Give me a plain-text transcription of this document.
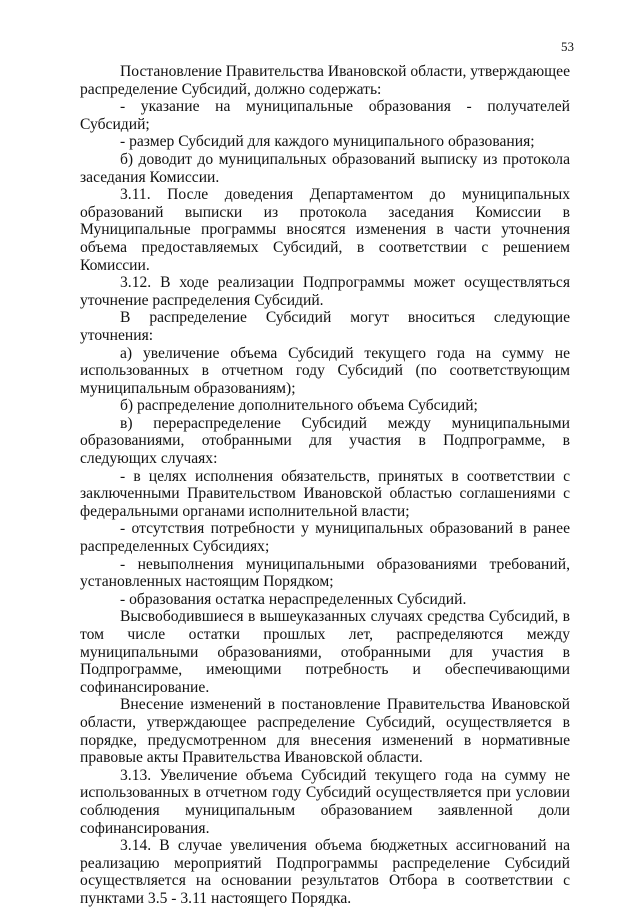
53

Постановление Правительства Ивановской области, утверждающее распределение Субсидий, должно содержать:

- указание на муниципальные образования - получателей Субсидий;

- размер Субсидий для каждого муниципального образования;

б) доводит до муниципальных образований выписку из протокола заседания Комиссии.

3.11. После доведения Департаментом до муниципальных образований выписки из протокола заседания Комиссии в Муниципальные программы вносятся изменения в части уточнения объема предоставляемых Субсидий, в соответствии с решением Комиссии.

3.12. В ходе реализации Подпрограммы может осуществляться уточнение распределения Субсидий.

В распределение Субсидий могут вноситься следующие уточнения:

а) увеличение объема Субсидий текущего года на сумму не использованных в отчетном году Субсидий (по соответствующим муниципальным образованиям);

б) распределение дополнительного объема Субсидий;

в) перераспределение Субсидий между муниципальными образованиями, отобранными для участия в Подпрограмме, в следующих случаях:

- в целях исполнения обязательств, принятых в соответствии с заключенными Правительством Ивановской областью соглашениями с федеральными органами исполнительной власти;

- отсутствия потребности у муниципальных образований в ранее распределенных Субсидиях;

- невыполнения муниципальными образованиями требований, установленных настоящим Порядком;

- образования остатка нераспределенных Субсидий.

Высвободившиеся в вышеуказанных случаях средства Субсидий, в том числе остатки прошлых лет, распределяются между муниципальными образованиями, отобранными для участия в Подпрограмме, имеющими потребность и обеспечивающими софинансирование.

Внесение изменений в постановление Правительства Ивановской области, утверждающее распределение Субсидий, осуществляется в порядке, предусмотренном для внесения изменений в нормативные правовые акты Правительства Ивановской области.

3.13. Увеличение объема Субсидий текущего года на сумму не использованных в отчетном году Субсидий осуществляется при условии соблюдения муниципальным образованием заявленной доли софинансирования.

3.14. В случае увеличения объема бюджетных ассигнований на реализацию мероприятий Подпрограммы распределение Субсидий осуществляется на основании результатов Отбора в соответствии с пунктами 3.5 - 3.11 настоящего Порядка.
